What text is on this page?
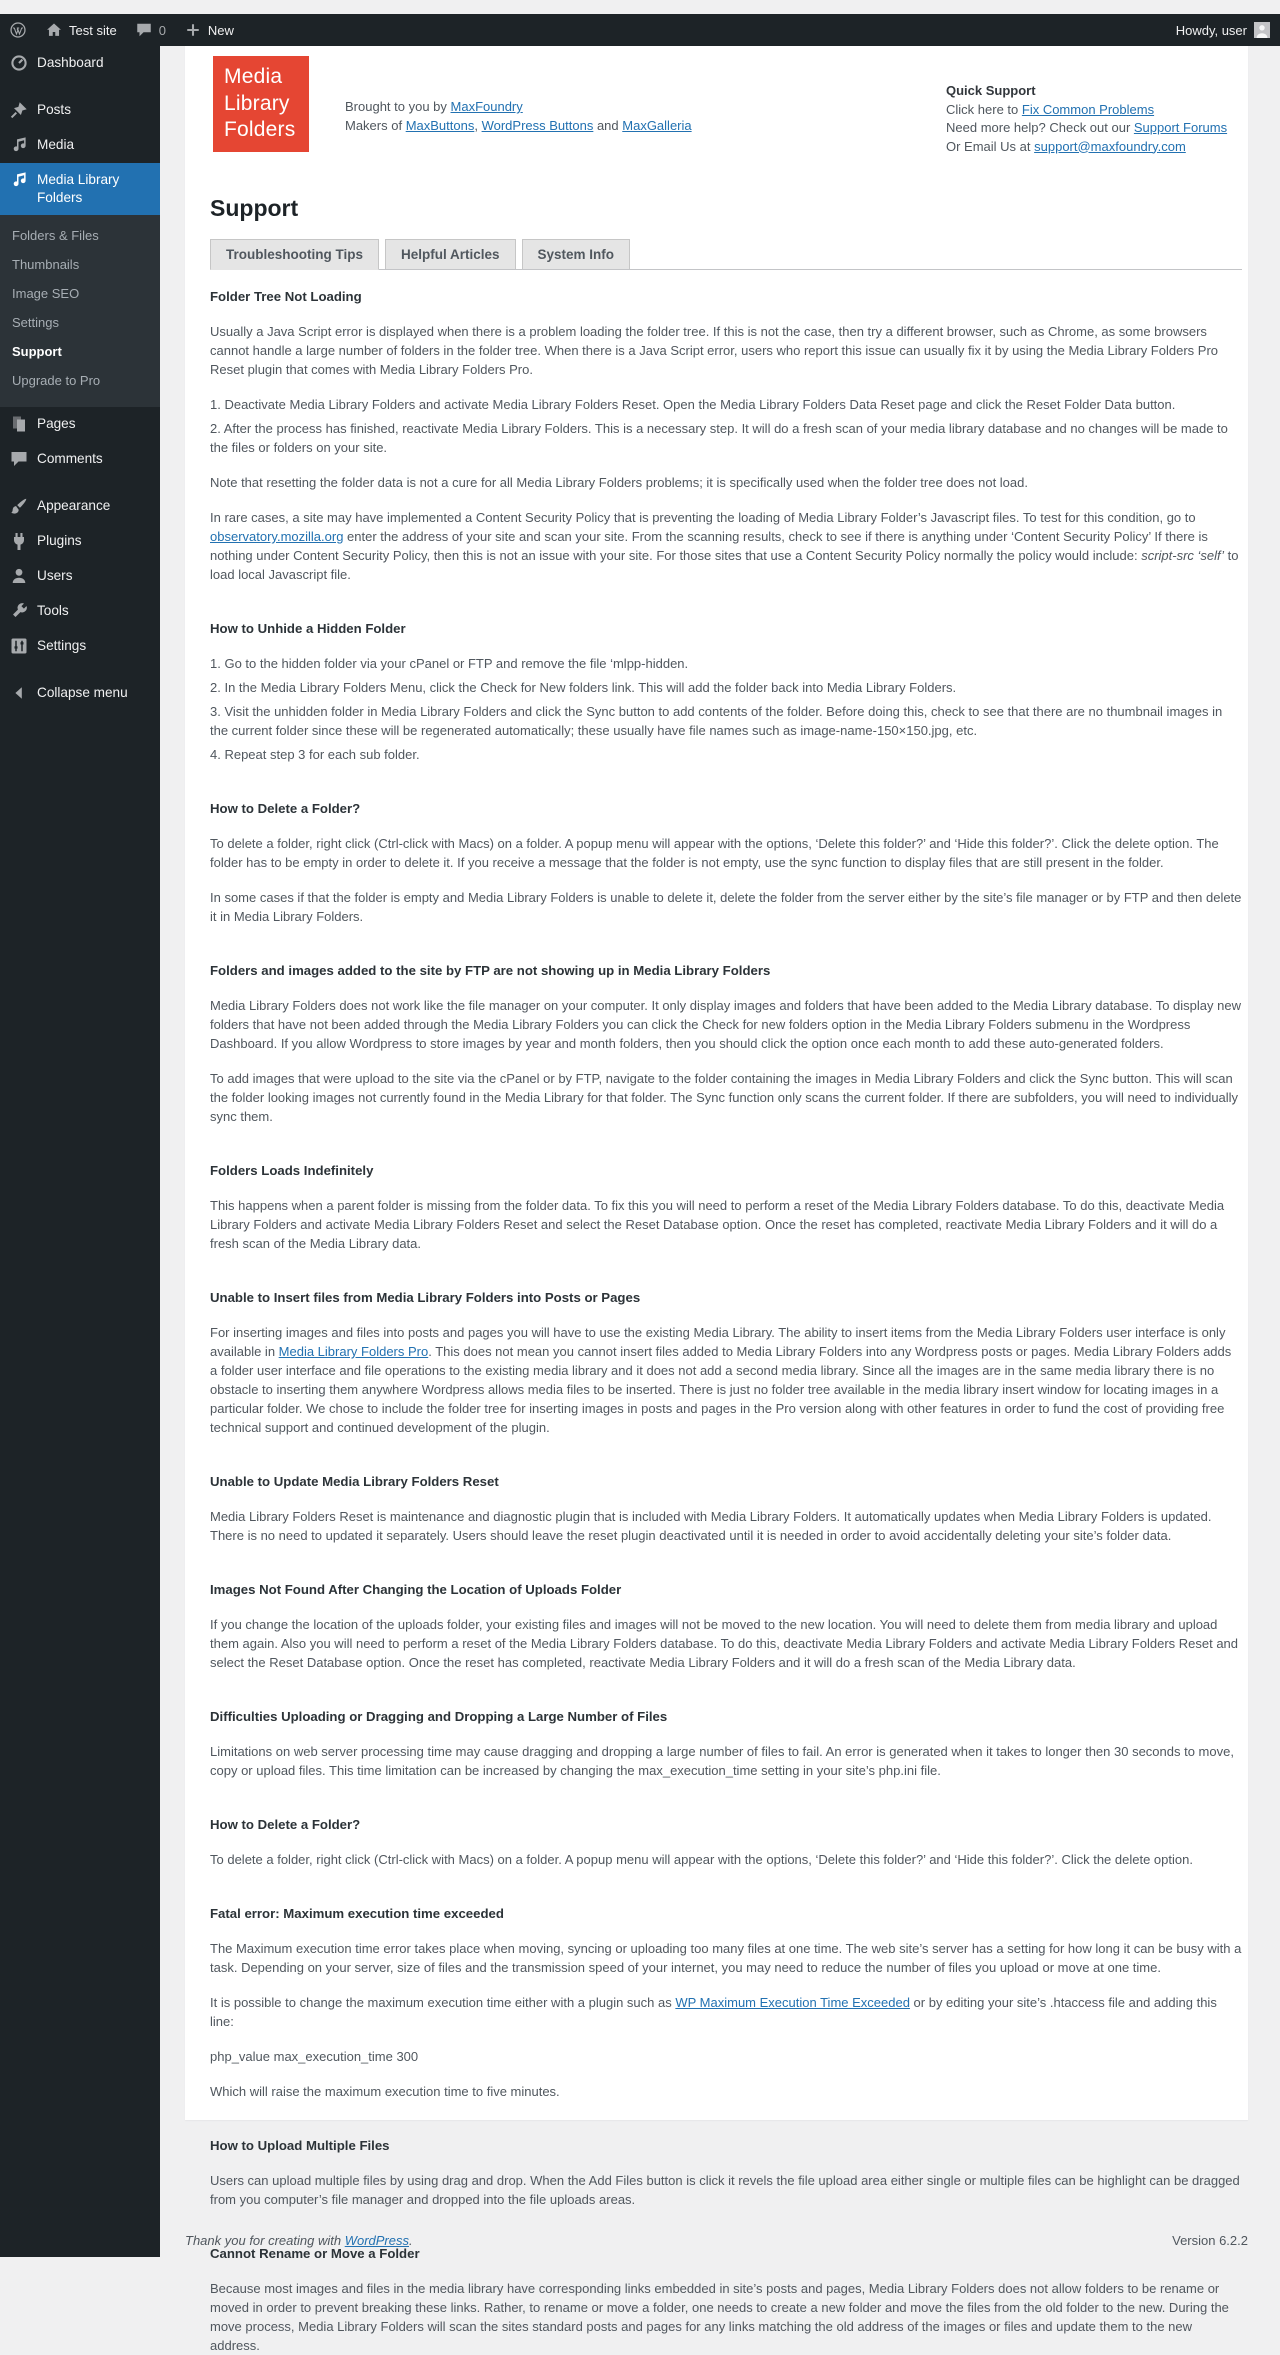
Test site	0	New	Howdy, user
Dashboard
Posts
Media
Media Library Folders
Folders & Files
Thumbnails
Image SEO
Settings
Support
Upgrade to Pro
Pages
Comments
Appearance
Plugins
Users
Tools
Settings
Collapse menu
Media
Library
Folders
Brought to you by MaxFoundry
Makers of MaxButtons, WordPress Buttons and MaxGalleria
Quick Support
Click here to Fix Common Problems
Need more help? Check out our Support Forums
Or Email Us at support@maxfoundry.com
Support
Troubleshooting Tips	Helpful Articles	System Info
Folder Tree Not Loading

Usually a Java Script error is displayed when there is a problem loading the folder tree. If this is not the case, then try a different browser, such as Chrome, as some browsers cannot handle a large number of folders in the folder tree. When there is a Java Script error, users who report this issue can usually fix it by using the Media Library Folders Pro Reset plugin that comes with Media Library Folders Pro.

1. Deactivate Media Library Folders and activate Media Library Folders Reset. Open the Media Library Folders Data Reset page and click the Reset Folder Data button.

2. After the process has finished, reactivate Media Library Folders. This is a necessary step. It will do a fresh scan of your media library database and no changes will be made to the files or folders on your site.

Note that resetting the folder data is not a cure for all Media Library Folders problems; it is specifically used when the folder tree does not load.

In rare cases, a site may have implemented a Content Security Policy that is preventing the loading of Media Library Folder’s Javascript files. To test for this condition, go to observatory.mozilla.org enter the address of your site and scan your site. From the scanning results, check to see if there is anything under ‘Content Security Policy’ If there is nothing under Content Security Policy, then this is not an issue with your site. For those sites that use a Content Security Policy normally the policy would include: script-src ‘self’ to load local Javascript file.

How to Unhide a Hidden Folder

1. Go to the hidden folder via your cPanel or FTP and remove the file ‘mlpp-hidden.

2. In the Media Library Folders Menu, click the Check for New folders link. This will add the folder back into Media Library Folders.

3. Visit the unhidden folder in Media Library Folders and click the Sync button to add contents of the folder. Before doing this, check to see that there are no thumbnail images in the current folder since these will be regenerated automatically; these usually have file names such as image-name-150×150.jpg, etc.

4. Repeat step 3 for each sub folder.

How to Delete a Folder?

To delete a folder, right click (Ctrl-click with Macs) on a folder. A popup menu will appear with the options, ‘Delete this folder?’ and ‘Hide this folder?’. Click the delete option. The folder has to be empty in order to delete it. If you receive a message that the folder is not empty, use the sync function to display files that are still present in the folder.

In some cases if that the folder is empty and Media Library Folders is unable to delete it, delete the folder from the server either by the site’s file manager or by FTP and then delete it in Media Library Folders.

Folders and images added to the site by FTP are not showing up in Media Library Folders

Media Library Folders does not work like the file manager on your computer. It only display images and folders that have been added to the Media Library database. To display new folders that have not been added through the Media Library Folders you can click the Check for new folders option in the Media Library Folders submenu in the Wordpress Dashboard. If you allow Wordpress to store images by year and month folders, then you should click the option once each month to add these auto-generated folders.

To add images that were upload to the site via the cPanel or by FTP, navigate to the folder containing the images in Media Library Folders and click the Sync button. This will scan the folder looking images not currently found in the Media Library for that folder. The Sync function only scans the current folder. If there are subfolders, you will need to individually sync them.

Folders Loads Indefinitely

This happens when a parent folder is missing from the folder data. To fix this you will need to perform a reset of the Media Library Folders database. To do this, deactivate Media Library Folders and activate Media Library Folders Reset and select the Reset Database option. Once the reset has completed, reactivate Media Library Folders and it will do a fresh scan of the Media Library data.

Unable to Insert files from Media Library Folders into Posts or Pages

For inserting images and files into posts and pages you will have to use the existing Media Library. The ability to insert items from the Media Library Folders user interface is only available in Media Library Folders Pro. This does not mean you cannot insert files added to Media Library Folders into any Wordpress posts or pages. Media Library Folders adds a folder user interface and file operations to the existing media library and it does not add a second media library. Since all the images are in the same media library there is no obstacle to inserting them anywhere Wordpress allows media files to be inserted. There is just no folder tree available in the media library insert window for locating images in a particular folder. We chose to include the folder tree for inserting images in posts and pages in the Pro version along with other features in order to fund the cost of providing free technical support and continued development of the plugin.

Unable to Update Media Library Folders Reset

Media Library Folders Reset is maintenance and diagnostic plugin that is included with Media Library Folders. It automatically updates when Media Library Folders is updated. There is no need to updated it separately. Users should leave the reset plugin deactivated until it is needed in order to avoid accidentally deleting your site’s folder data.

Images Not Found After Changing the Location of Uploads Folder

If you change the location of the uploads folder, your existing files and images will not be moved to the new location. You will need to delete them from media library and upload them again. Also you will need to perform a reset of the Media Library Folders database. To do this, deactivate Media Library Folders and activate Media Library Folders Reset and select the Reset Database option. Once the reset has completed, reactivate Media Library Folders and it will do a fresh scan of the Media Library data.

Difficulties Uploading or Dragging and Dropping a Large Number of Files

Limitations on web server processing time may cause dragging and dropping a large number of files to fail. An error is generated when it takes to longer then 30 seconds to move, copy or upload files. This time limitation can be increased by changing the max_execution_time setting in your site’s php.ini file.

How to Delete a Folder?

To delete a folder, right click (Ctrl-click with Macs) on a folder. A popup menu will appear with the options, ‘Delete this folder?’ and ‘Hide this folder?’. Click the delete option.

Fatal error: Maximum execution time exceeded

The Maximum execution time error takes place when moving, syncing or uploading too many files at one time. The web site’s server has a setting for how long it can be busy with a task. Depending on your server, size of files and the transmission speed of your internet, you may need to reduce the number of files you upload or move at one time.

It is possible to change the maximum execution time either with a plugin such as WP Maximum Execution Time Exceeded or by editing your site’s .htaccess file and adding this line:

php_value max_execution_time 300

Which will raise the maximum execution time to five minutes.

How to Upload Multiple Files

Users can upload multiple files by using drag and drop. When the Add Files button is click it revels the file upload area either single or multiple files can be highlight can be dragged from you computer’s file manager and dropped into the file uploads areas.

Cannot Rename or Move a Folder

Because most images and files in the media library have corresponding links embedded in site’s posts and pages, Media Library Folders does not allow folders to be rename or moved in order to prevent breaking these links. Rather, to rename or move a folder, one needs to create a new folder and move the files from the old folder to the new. During the move process, Media Library Folders will scan the sites standard posts and pages for any links matching the old address of the images or files and update them to the new address.

Thank you for creating with WordPress.	Version 6.2.2
